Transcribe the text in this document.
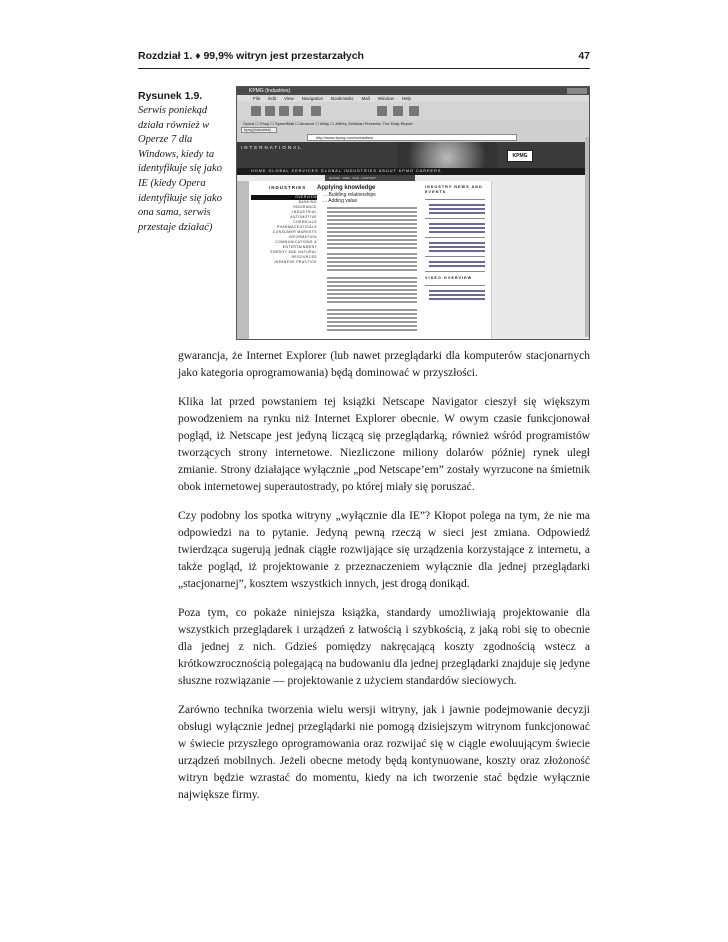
Rozdział 1. ♦ 99,9% witryn jest przestarzałych	47
Rysunek 1.9.
Serwis poniekąd działa również w Operze 7 dla Windows, kiedy ta identyfikuje się jako IE (kiedy Opera identyfikuje się jako ona sama, serwis przestaje działać)
KPMG (Industries)
File Edit View Navigation Bookmarks Mail Window Help
Opera ☐ Shop ☐ SpeedMail ☐ Amazon ☐ eBay ☐ Jeffrey Zeldman Presents: The Daily Report
kpmg [industries]
http://www.kpmg.com/industries/
INTERNATIONAL
KPMG
HOME GLOBAL SERVICES GLOBAL INDUSTRIES ABOUT KPMG CAREERS
QUOTE · GRID · PGS · CONTACT
INDUSTRIES
OVERVIEW
BANKING
INSURANCE
INDUSTRIAL
AUTOMOTIVE
CHEMICALS
PHARMACEUTICALS
CONSUMER MARKETS
INFORMATION COMMUNICATIONS & ENTERTAINMENT
ENERGY AND NATURAL RESOURCES
JAPANESE PRACTICE
Applying knowledge
... Building relationships
... Adding value
INDUSTRY NEWS AND EVENTS
VIDEO OVERVIEW

gwarancja, że Internet Explorer (lub nawet przeglądarki dla komputerów stacjonarnych jako kategoria oprogramowania) będą dominować w przyszłości.

Klika lat przed powstaniem tej książki Netscape Navigator cieszył się większym powodzeniem na rynku niż Internet Explorer obecnie. W owym czasie funkcjonował pogląd, iż Netscape jest jedyną liczącą się przeglądarką, również wśród programistów tworzących strony internetowe. Niezliczone miliony dolarów później rynek uległ zmianie. Strony działające wyłącznie „pod Netscape’em” zostały wyrzucone na śmietnik obok internetowej superautostrady, po której miały się poruszać.

Czy podobny los spotka witryny „wyłącznie dla IE”? Kłopot polega na tym, że nie ma odpowiedzi na to pytanie. Jedyną pewną rzeczą w sieci jest zmiana. Odpowiedź twierdząca sugerują jednak ciągłe rozwijające się urządzenia korzystające z internetu, a także pogląd, iż projektowanie z przeznaczeniem wyłącznie dla jednej przeglądarki „stacjonarnej”, kosztem wszystkich innych, jest drogą donikąd.

Poza tym, co pokaże niniejsza książka, standardy umożliwiają projektowanie dla wszystkich przeglądarek i urządzeń z łatwością i szybkością, z jaką robi się to obecnie dla jednej z nich. Gdzieś pomiędzy nakręcającą koszty zgodnością wstecz a krótkowzrocznością polegającą na budowaniu dla jednej przeglądarki znajduje się jedyne słuszne rozwiązanie — projektowanie z użyciem standardów sieciowych.

Zarówno technika tworzenia wielu wersji witryny, jak i jawnie podejmowanie decyzji obsługi wyłącznie jednej przeglądarki nie pomogą dzisiejszym witrynom funkcjonować w świecie przyszłego oprogramowania oraz rozwijać się w ciągle ewoluującym świecie urządzeń mobilnych. Jeżeli obecne metody będą kontynuowane, koszty oraz złożoność witryn będzie wzrastać do momentu, kiedy na ich tworzenie stać będzie wyłącznie największe firmy.
